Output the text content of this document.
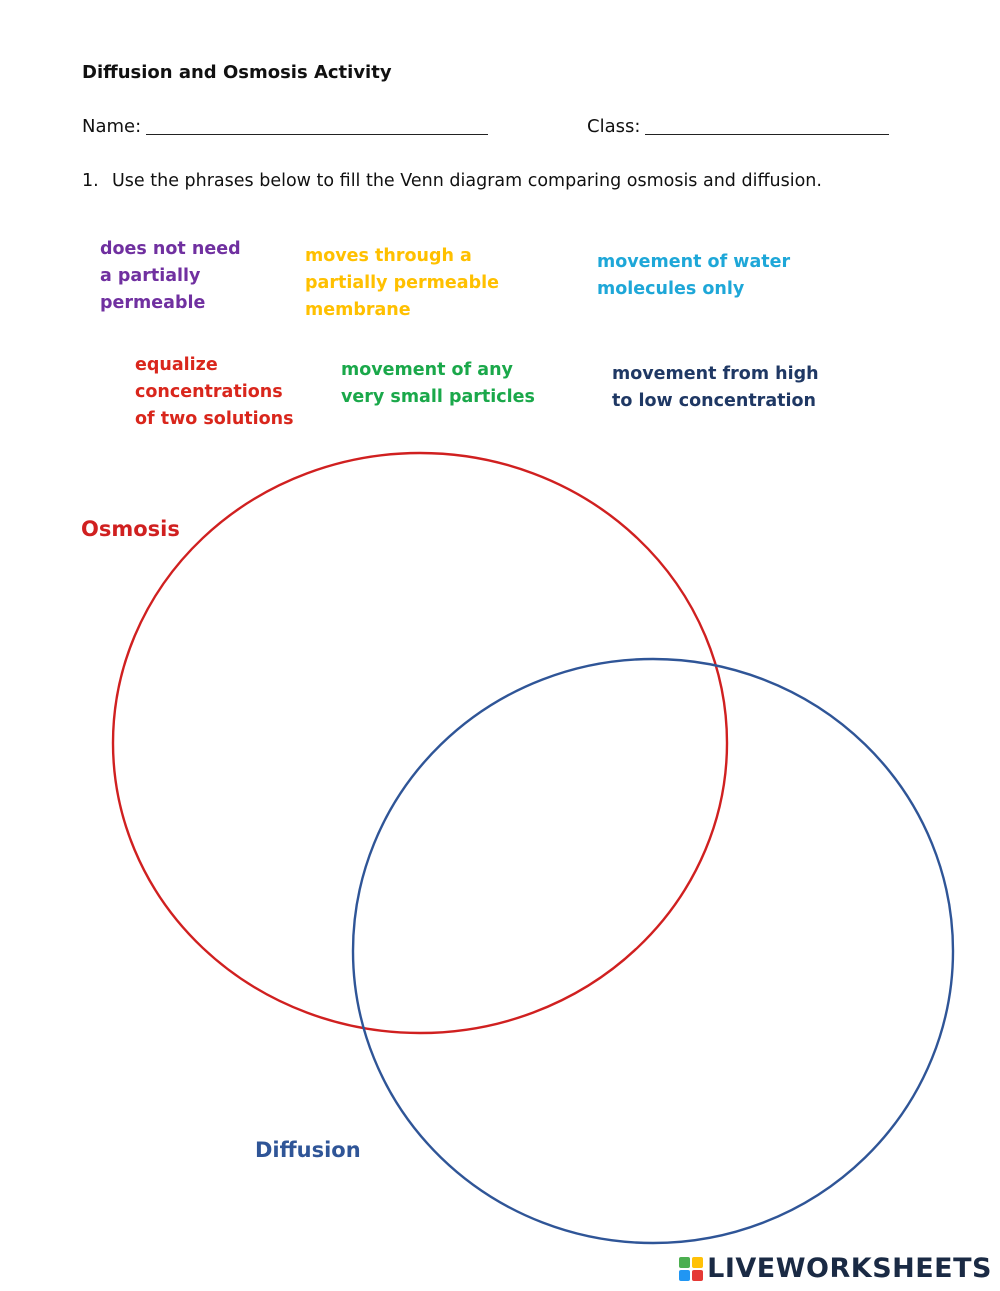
Diffusion and Osmosis Activity
Name:	Class:
1. Use the phrases below to fill the Venn diagram comparing osmosis and diffusion.
does not need
a partially
permeable
moves through a
partially permeable
membrane
movement of water
molecules only
equalize
concentrations
of two solutions
movement of any
very small particles
movement from high
to low concentration
Osmosis
Diffusion
LIVEWORKSHEETS
